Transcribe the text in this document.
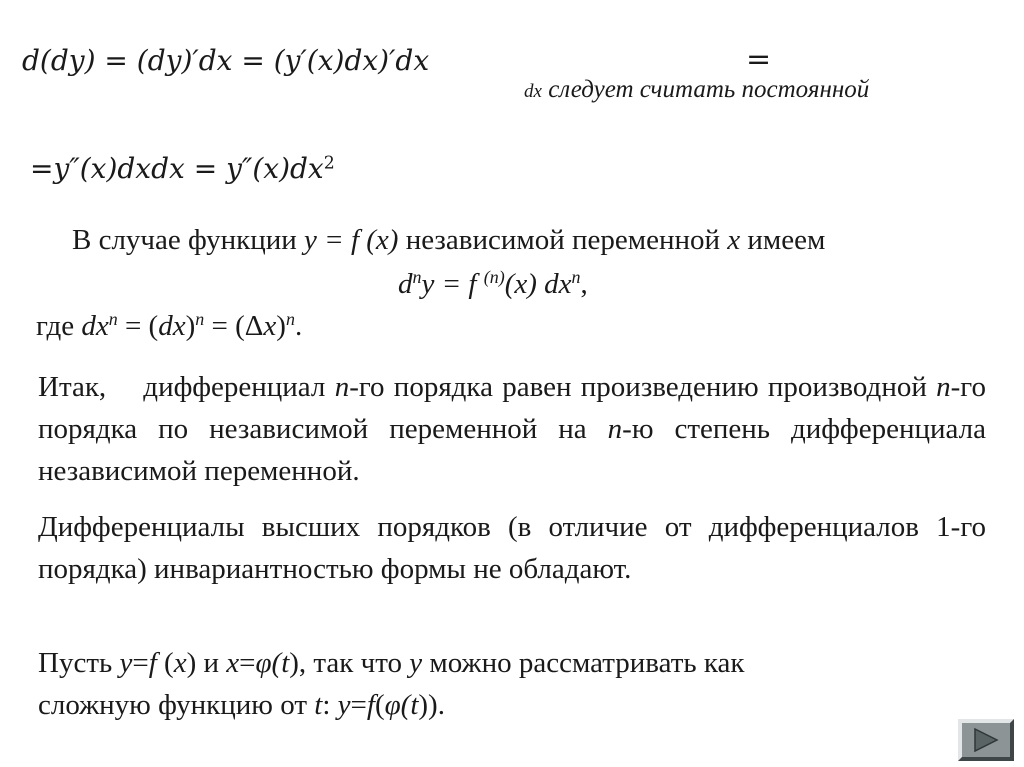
d(dy) = (dy)′dx = (y′(x)dx)′dx	=
dx следует считать постоянной
=y″(x)dxdx = $y''(x)dx^2$
В случае функции y = f (x) независимой переменной x имеем
$d^ny = f$ $^{(n)}$(x) $dx^n$,
где $dx^n = (dx)^n = (\Delta x)^n$.
Итак,    дифференциал n-го порядка равен произведению производной n-го порядка по независимой переменной на n-ю степень дифференциала независимой переменной.
Дифференциалы высших порядков (в отличие от дифференциалов 1-го порядка) инвариантностью формы не обладают.
Пусть y=f (x) и x=φ(t), так что y можно рассматривать как
сложную функцию от t: y=f(φ(t)).
